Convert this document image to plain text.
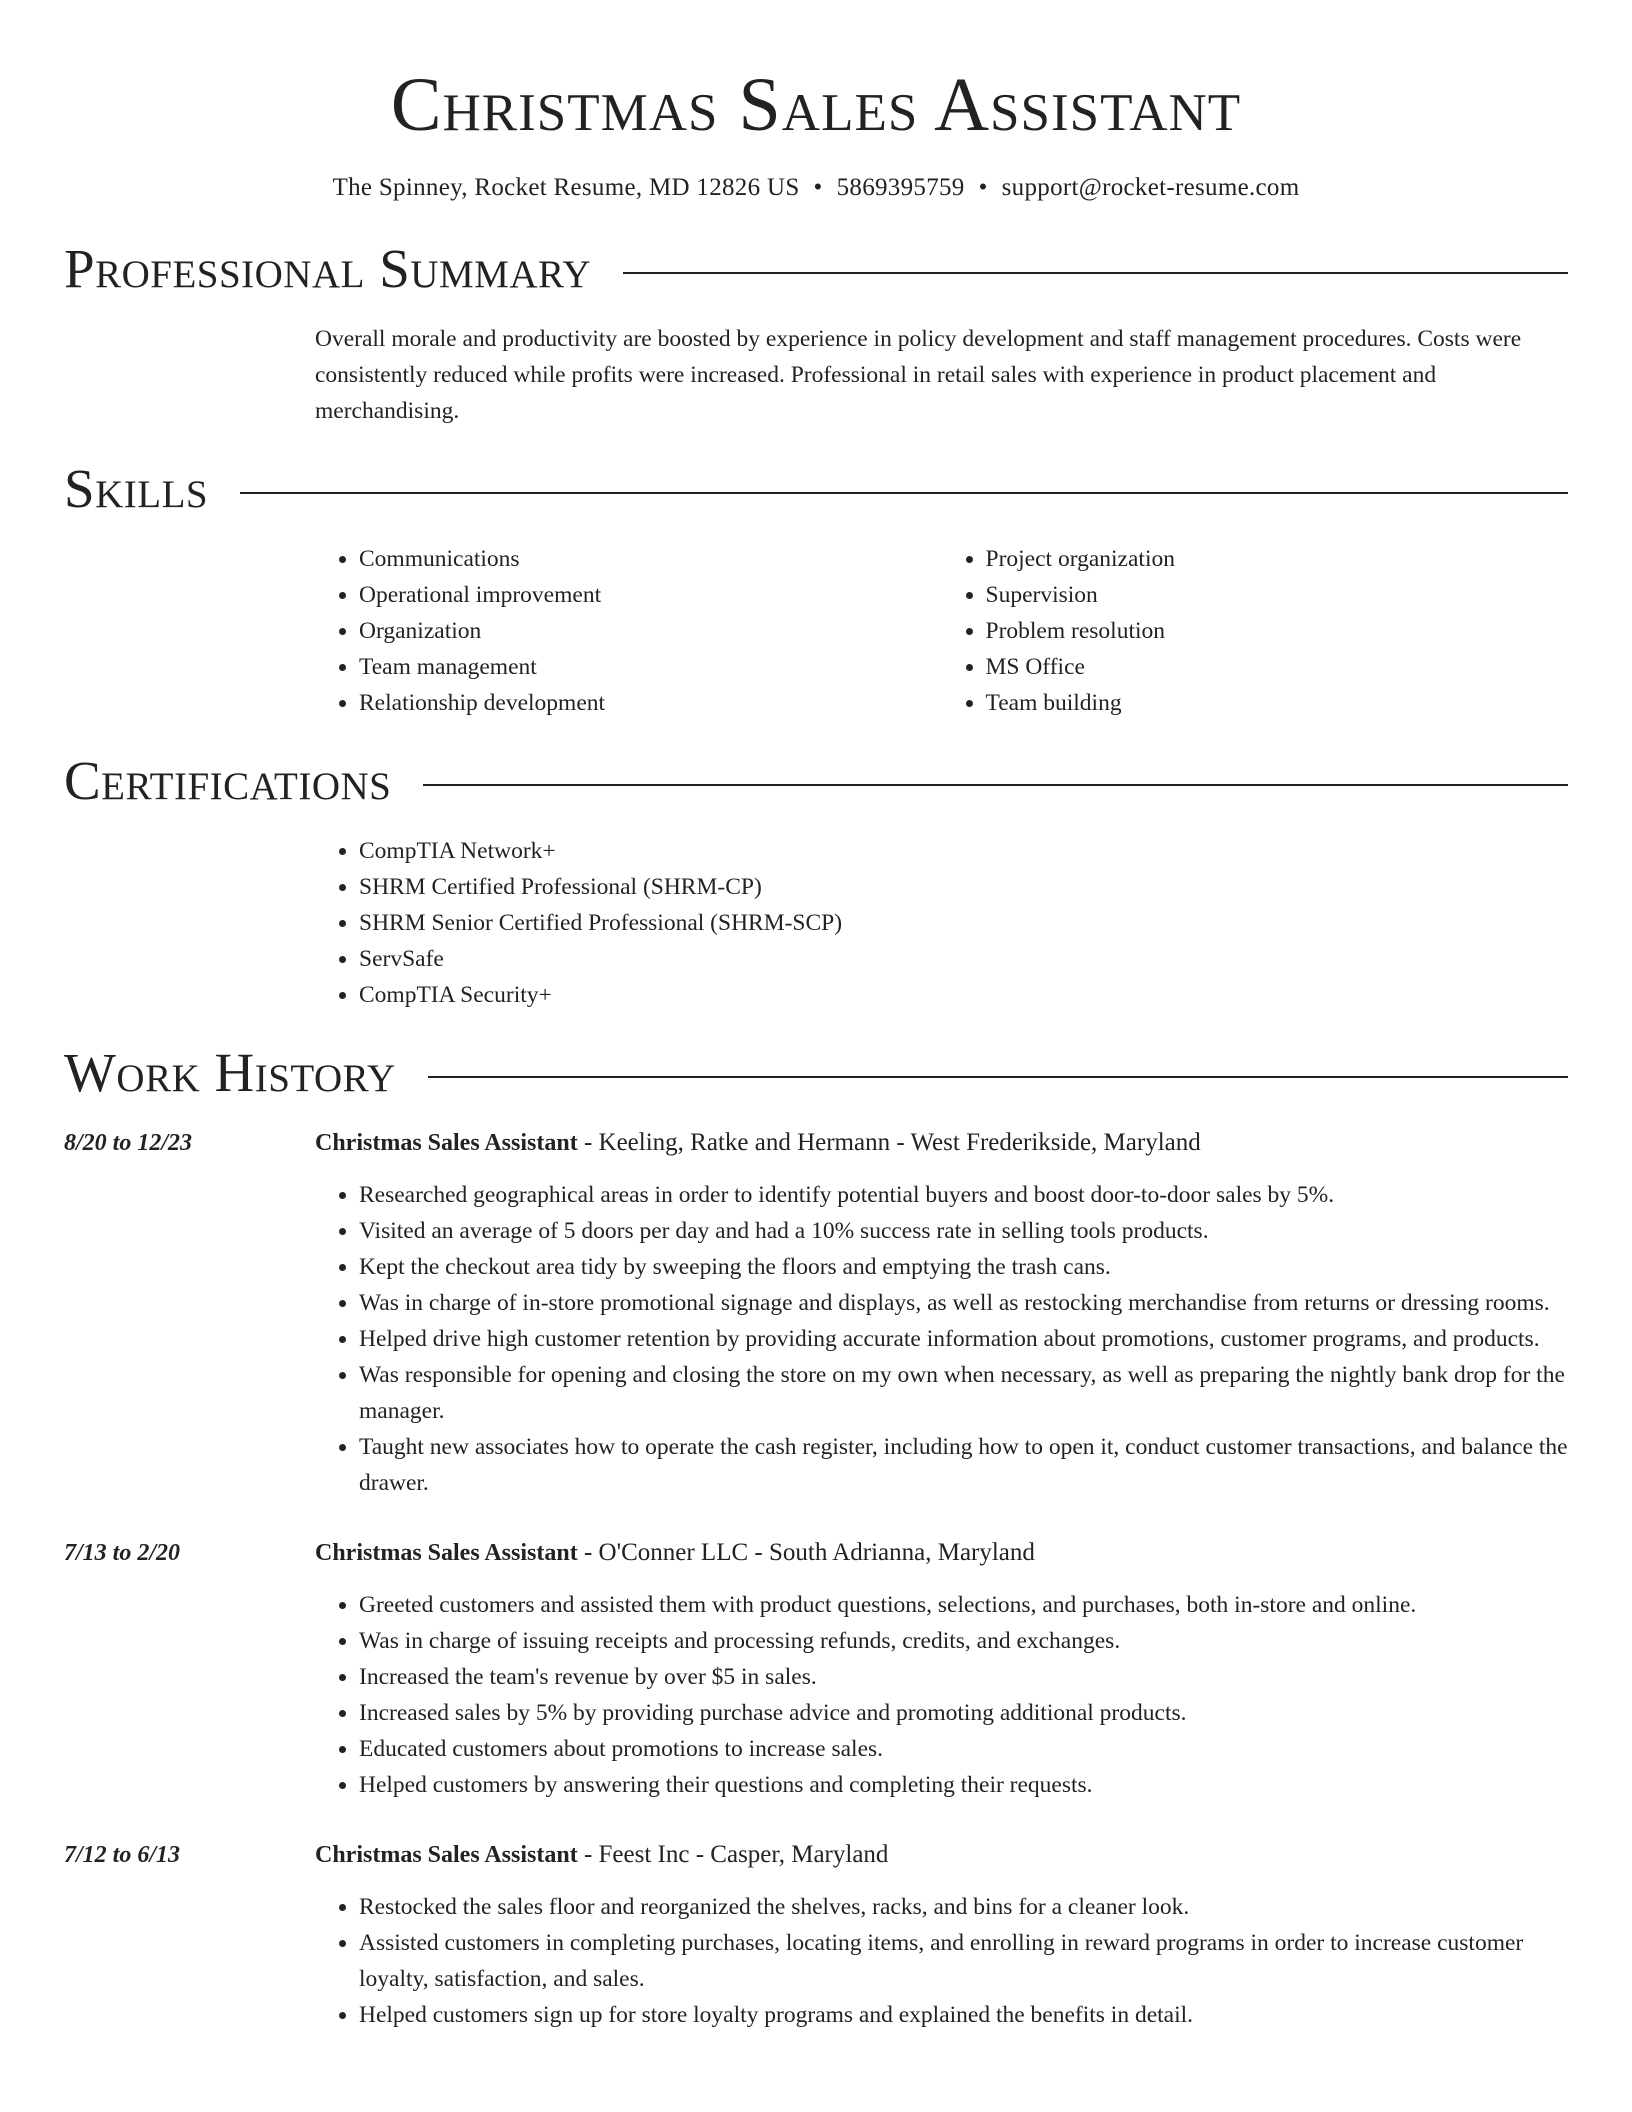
Christmas Sales Assistant
The Spinney, Rocket Resume, MD 12826 US • 5869395759 • support@rocket-resume.com
Professional Summary

Overall morale and productivity are boosted by experience in policy development and staff management procedures. Costs were consistently reduced while profits were increased. Professional in retail sales with experience in product placement and merchandising.

Skills
• Communications
• Operational improvement
• Organization
• Team management
• Relationship development
• Project organization
• Supervision
• Problem resolution
• MS Office
• Team building
Certifications
• CompTIA Network+
• SHRM Certified Professional (SHRM-CP)
• SHRM Senior Certified Professional (SHRM-SCP)
• ServSafe
• CompTIA Security+
Work History
8/20 to 12/23	Christmas Sales Assistant - Keeling, Ratke and Hermann - West Frederikside, Maryland
• Researched geographical areas in order to identify potential buyers and boost door-to-door sales by 5%.
• Visited an average of 5 doors per day and had a 10% success rate in selling tools products.
• Kept the checkout area tidy by sweeping the floors and emptying the trash cans.
• Was in charge of in-store promotional signage and displays, as well as restocking merchandise from returns or dressing rooms.
• Helped drive high customer retention by providing accurate information about promotions, customer programs, and products.
• Was responsible for opening and closing the store on my own when necessary, as well as preparing the nightly bank drop for the manager.
• Taught new associates how to operate the cash register, including how to open it, conduct customer transactions, and balance the drawer.
7/13 to 2/20	Christmas Sales Assistant - O'Conner LLC - South Adrianna, Maryland
• Greeted customers and assisted them with product questions, selections, and purchases, both in-store and online.
• Was in charge of issuing receipts and processing refunds, credits, and exchanges.
• Increased the team's revenue by over $5 in sales.
• Increased sales by 5% by providing purchase advice and promoting additional products.
• Educated customers about promotions to increase sales.
• Helped customers by answering their questions and completing their requests.
7/12 to 6/13	Christmas Sales Assistant - Feest Inc - Casper, Maryland
• Restocked the sales floor and reorganized the shelves, racks, and bins for a cleaner look.
• Assisted customers in completing purchases, locating items, and enrolling in reward programs in order to increase customer loyalty, satisfaction, and sales.
• Helped customers sign up for store loyalty programs and explained the benefits in detail.
